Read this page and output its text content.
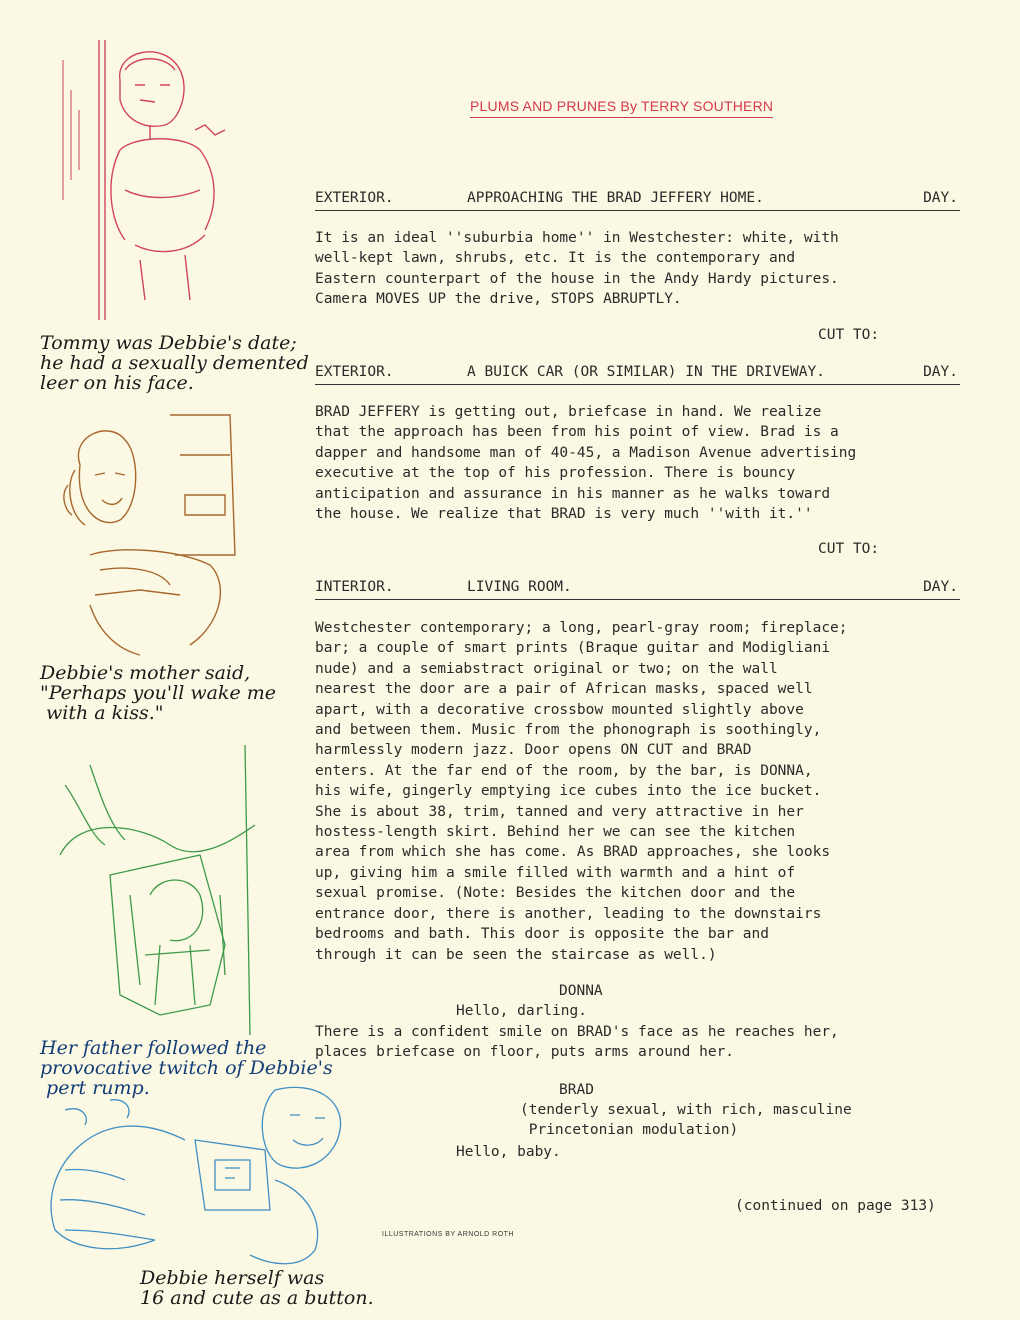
Tommy was Debbie's date;
he had a sexually demented
leer on his face.
Debbie's mother said,
"Perhaps you'll wake me
with a kiss."
Her father followed the
provocative twitch of Debbie's
pert rump.
Debbie herself was
16 and cute as a button.
PLUMS AND PRUNES By TERRY SOUTHERN
EXTERIOR.	APPROACHING THE BRAD JEFFERY HOME.	DAY.
It is an ideal ''suburbia home'' in Westchester: white, with
well-kept lawn, shrubs, etc. It is the contemporary and
Eastern counterpart of the house in the Andy Hardy pictures.
Camera MOVES UP the drive, STOPS ABRUPTLY.
CUT TO:
EXTERIOR.	A BUICK CAR (OR SIMILAR) IN THE DRIVEWAY.	DAY.
BRAD JEFFERY is getting out, briefcase in hand. We realize
that the approach has been from his point of view. Brad is a
dapper and handsome man of 40-45, a Madison Avenue advertising
executive at the top of his profession. There is bouncy
anticipation and assurance in his manner as he walks toward
the house. We realize that BRAD is very much ''with it.''
CUT TO:
INTERIOR.	LIVING ROOM.	DAY.
Westchester contemporary; a long, pearl-gray room; fireplace;
bar; a couple of smart prints (Braque guitar and Modigliani
nude) and a semiabstract original or two; on the wall
nearest the door are a pair of African masks, spaced well
apart, with a decorative crossbow mounted slightly above
and between them. Music from the phonograph is soothingly,
harmlessly modern jazz. Door opens ON CUT and BRAD
enters. At the far end of the room, by the bar, is DONNA,
his wife, gingerly emptying ice cubes into the ice bucket.
She is about 38, trim, tanned and very attractive in her
hostess-length skirt. Behind her we can see the kitchen
area from which she has come. As BRAD approaches, she looks
up, giving him a smile filled with warmth and a hint of
sexual promise. (Note: Besides the kitchen door and the
entrance door, there is another, leading to the downstairs
bedrooms and bath. This door is opposite the bar and
through it can be seen the staircase as well.)
DONNA
Hello, darling.
There is a confident smile on BRAD's face as he reaches her,
places briefcase on floor, puts arms around her.
BRAD
(tenderly sexual, with rich, masculine
Princetonian modulation)
Hello, baby.
(continued on page 313)
ILLUSTRATIONS BY ARNOLD ROTH
